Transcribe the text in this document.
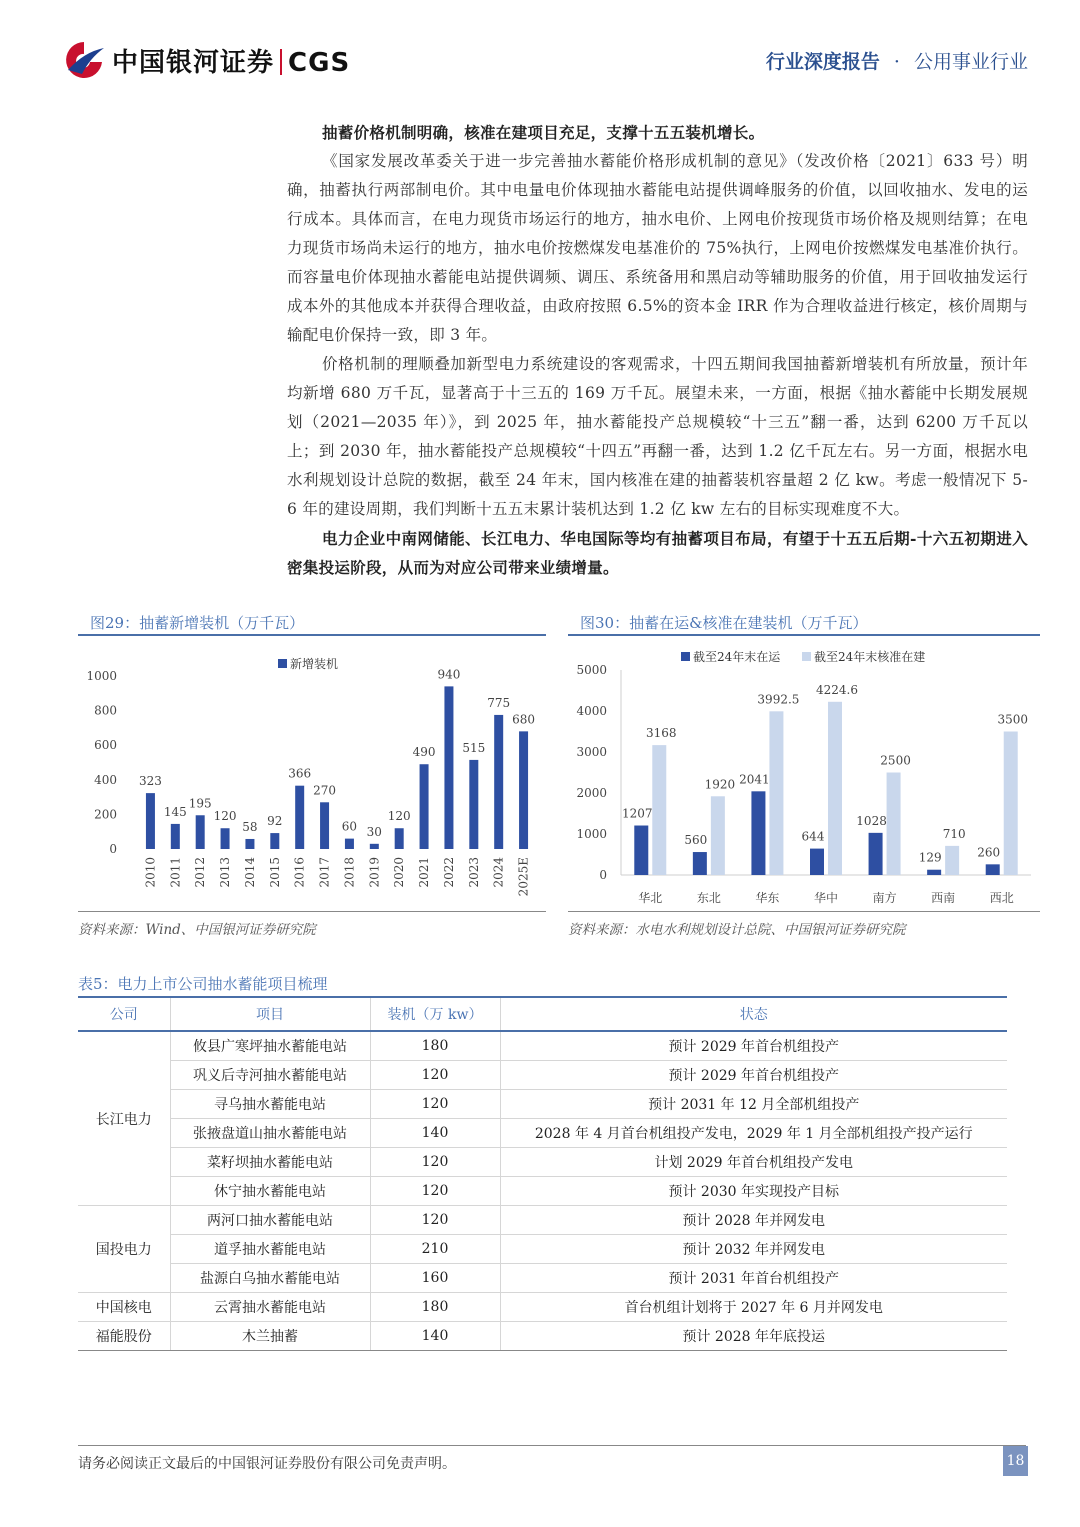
中国银河证券 CGS	行业深度报告 · 公用事业行业

抽蓄价格机制明确，核准在建项目充足，支撑十五五装机增长。

《国家发展改革委关于进一步完善抽水蓄能价格形成机制的意见》（发改价格〔2021〕633 号）明确，抽蓄执行两部制电价。其中电量电价体现抽水蓄能电站提供调峰服务的价值，以回收抽水、发电的运行成本。具体而言，在电力现货市场运行的地方，抽水电价、上网电价按现货市场价格及规则结算；在电力现货市场尚未运行的地方，抽水电价按燃煤发电基准价的 75%执行，上网电价按燃煤发电基准价执行。而容量电价体现抽水蓄能电站提供调频、调压、系统备用和黑启动等辅助服务的价值，用于回收抽发运行成本外的其他成本并获得合理收益，由政府按照 6.5%的资本金 IRR 作为合理收益进行核定，核价周期与输配电价保持一致，即 3 年。

价格机制的理顺叠加新型电力系统建设的客观需求，十四五期间我国抽蓄新增装机有所放量，预计年均新增 680 万千瓦，显著高于十三五的 169 万千瓦。展望未来，一方面，根据《抽水蓄能中长期发展规划（2021—2035 年）》，到 2025 年，抽水蓄能投产总规模较“十三五”翻一番，达到 6200 万千瓦以上；到 2030 年，抽水蓄能投产总规模较“十四五”再翻一番，达到 1.2 亿千瓦左右。另一方面，根据水电水利规划设计总院的数据，截至 24 年末，国内核准在建的抽蓄装机容量超 2 亿 kw。考虑一般情况下 5-6 年的建设周期，我们判断十五五末累计装机达到 1.2 亿 kw 左右的目标实现难度不大。

电力企业中南网储能、长江电力、华电国际等均有抽蓄项目布局，有望于十五五后期-十六五初期进入密集投运阶段，从而为对应公司带来业绩增量。

图29：抽蓄新增装机（万千瓦）
0
200
400
600
800
1000
323
2010
145
2011
195
2012
120
2013
58
2014
92
2015
366
2016
270
2017
60
2018
30
2019
120
2020
490
2021
940
2022
515
2023
775
2024
680
2025E
新增装机
资料来源：Wind、中国银河证券研究院
图30：抽蓄在运&核准在建装机（万千瓦）
0
1000
2000
3000
4000
5000
1207
3168
华北
560
1920
东北
2041
3992.5
华东
644
4224.6
华中
1028
2500
南方
129
710
西南
260
3500
西北
截至24年末在运	截至24年末核准在建
资料来源：水电水利规划设计总院、中国银河证券研究院
表5：电力上市公司抽水蓄能项目梳理
公司	项目	装机（万 kw）	状态
长江电力	攸县广寒坪抽水蓄能电站	180	预计 2029 年首台机组投产
	巩义后寺河抽水蓄能电站	120	预计 2029 年首台机组投产
	寻乌抽水蓄能电站	120	预计 2031 年 12 月全部机组投产
	张掖盘道山抽水蓄能电站	140	2028 年 4 月首台机组投产发电，2029 年 1 月全部机组投产投产运行
	菜籽坝抽水蓄能电站	120	计划 2029 年首台机组投产发电
	休宁抽水蓄能电站	120	预计 2030 年实现投产目标
国投电力	两河口抽水蓄能电站	120	预计 2028 年并网发电
	道孚抽水蓄能电站	210	预计 2032 年并网发电
	盐源白乌抽水蓄能电站	160	预计 2031 年首台机组投产
中国核电	云霄抽水蓄能电站	180	首台机组计划将于 2027 年 6 月并网发电
福能股份	木兰抽蓄	140	预计 2028 年年底投运
请务必阅读正文最后的中国银河证券股份有限公司免责声明。	18
